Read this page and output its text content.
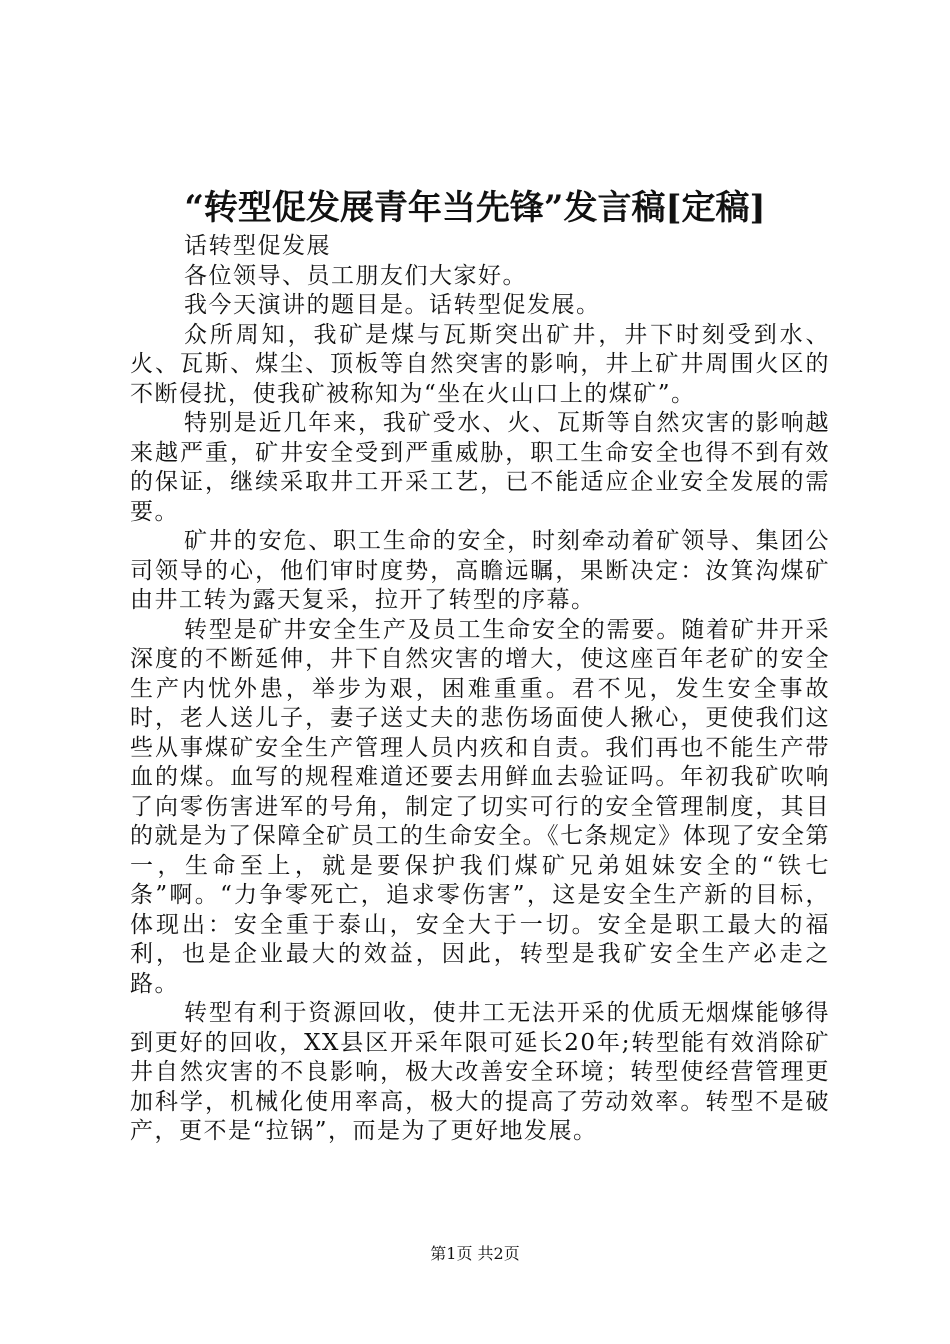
“转型促发展青年当先锋”发言稿[定稿]

话转型促发展

各位领导、员工朋友们大家好。

我今天演讲的题目是。话转型促发展。

众所周知，我矿是煤与瓦斯突出矿井，井下时刻受到水、火、瓦斯、煤尘、顶板等自然突害的影响，井上矿井周围火区的不断侵扰，使我矿被称知为“坐在火山口上的煤矿”。

特别是近几年来，我矿受水、火、瓦斯等自然灾害的影响越来越严重，矿井安全受到严重威胁，职工生命安全也得不到有效的保证，继续采取井工开采工艺，已不能适应企业安全发展的需要。

矿井的安危、职工生命的安全，时刻牵动着矿领导、集团公司领导的心，他们审时度势，高瞻远瞩，果断决定：汝箕沟煤矿由井工转为露天复采，拉开了转型的序幕。

转型是矿井安全生产及员工生命安全的需要。随着矿井开采深度的不断延伸，井下自然灾害的增大，使这座百年老矿的安全生产内忧外患，举步为艰，困难重重。君不见，发生安全事故时，老人送儿子，妻子送丈夫的悲伤场面使人揪心，更使我们这些从事煤矿安全生产管理人员内疚和自责。我们再也不能生产带血的煤。血写的规程难道还要去用鲜血去验证吗。年初我矿吹响了向零伤害进军的号角，制定了切实可行的安全管理制度，其目的就是为了保障全矿员工的生命安全。《七条规定》体现了安全第一，生命至上，就是要保护我们煤矿兄弟姐妹安全的“铁七条”啊。“力争零死亡，追求零伤害”，这是安全生产新的目标，体现出：安全重于泰山，安全大于一切。安全是职工最大的福利，也是企业最大的效益，因此，转型是我矿安全生产必走之路。

转型有利于资源回收，使井工无法开采的优质无烟煤能够得到更好的回收，XX县区开采年限可延长20年;转型能有效消除矿井自然灾害的不良影响，极大改善安全环境；转型使经营管理更加科学，机械化使用率高，极大的提高了劳动效率。转型不是破产，更不是“拉锅”，而是为了更好地发展。

第1页 共2页
